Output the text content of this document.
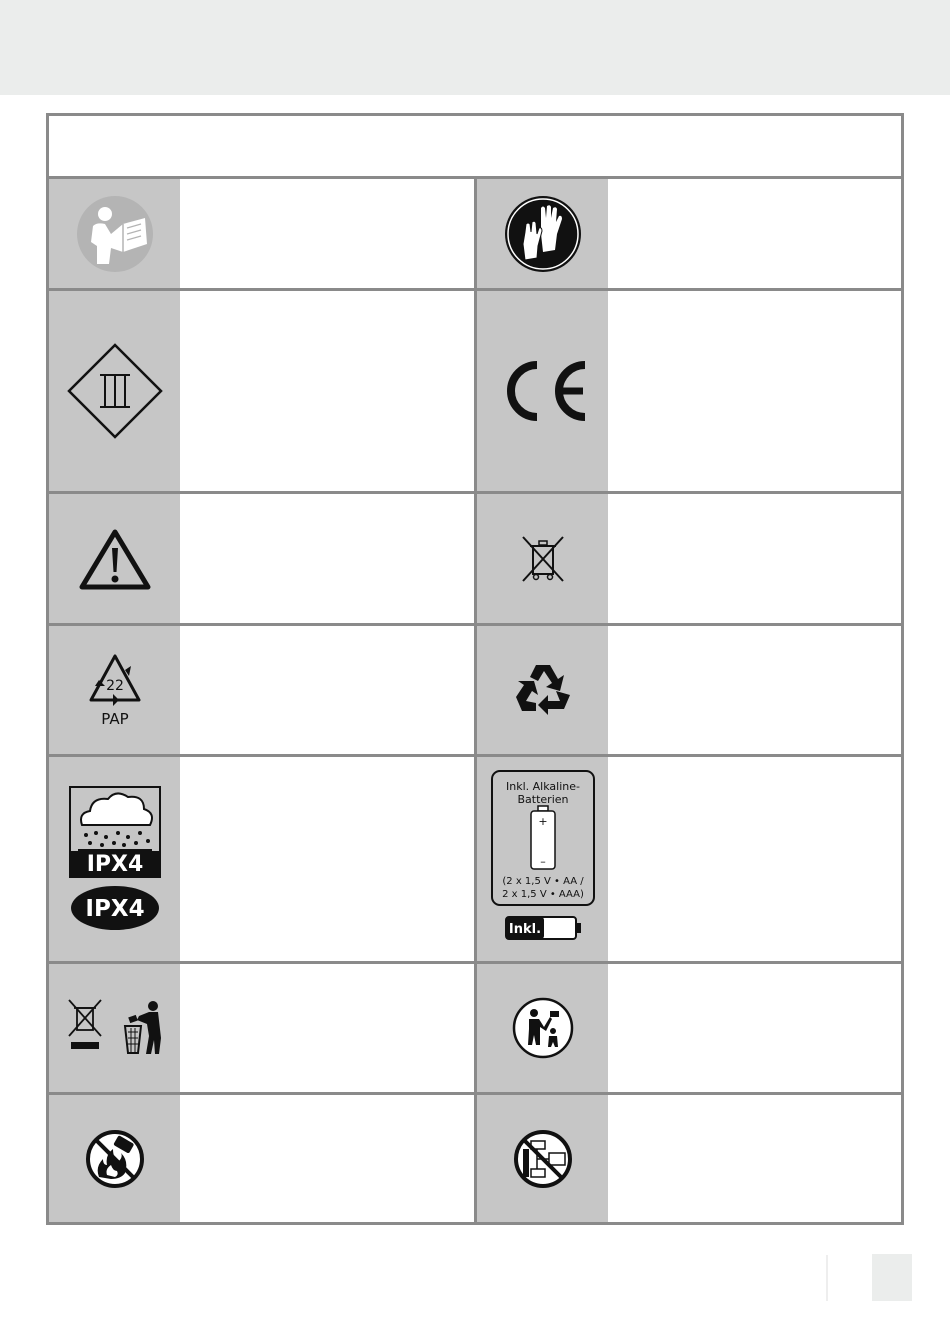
22
PAP
IPX4
IPX4
Inkl. Alkaline-
Batterien
+
–
(2 x 1,5 V • AA /
2 x 1,5 V • AAA)
Inkl.
